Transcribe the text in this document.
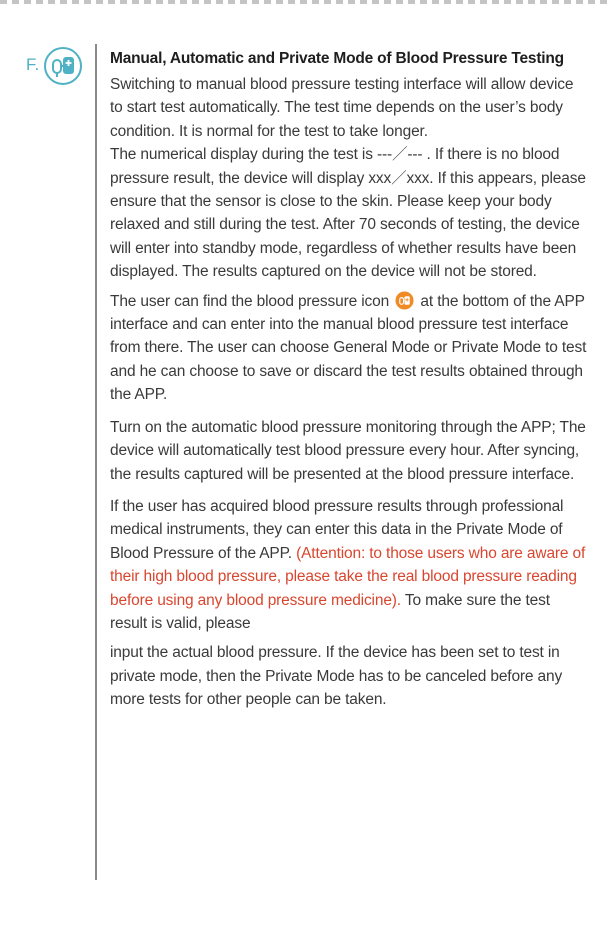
F.	Manual, Automatic and Private Mode of Blood Pressure Testing

Switching to manual blood pressure testing interface will allow device to start test automatically. The test time depends on the user’s body condition. It is normal for the test to take longer.

The numerical display during the test is ---／--- . If there is no blood pressure result, the device will display xxx／xxx. If this appears, please ensure that the sensor is close to the skin. Please keep your body relaxed and still during the test. After 70 seconds of testing, the device will enter into standby mode, regardless of whether results have been displayed. The results captured on the device will not be stored.

The user can find the blood pressure icon at the bottom of the APP interface and can enter into the manual blood pressure test interface from there. The user can choose General Mode or Private Mode to test and he can choose to save or discard the test results obtained through the APP.

Turn on the automatic blood pressure monitoring through the APP; The device will automatically test blood pressure every hour. After syncing, the results captured will be presented at the blood pressure interface.

If the user has acquired blood pressure results through professional medical instruments, they can enter this data in the Private Mode of Blood Pressure of the APP. (Attention: to those users who are aware of their high blood pressure, please take the real blood pressure reading before using any blood pressure medicine). To make sure the test result is valid, please

input the actual blood pressure. If the device has been set to test in private mode, then the Private Mode has to be canceled before any more tests for other people can be taken.
